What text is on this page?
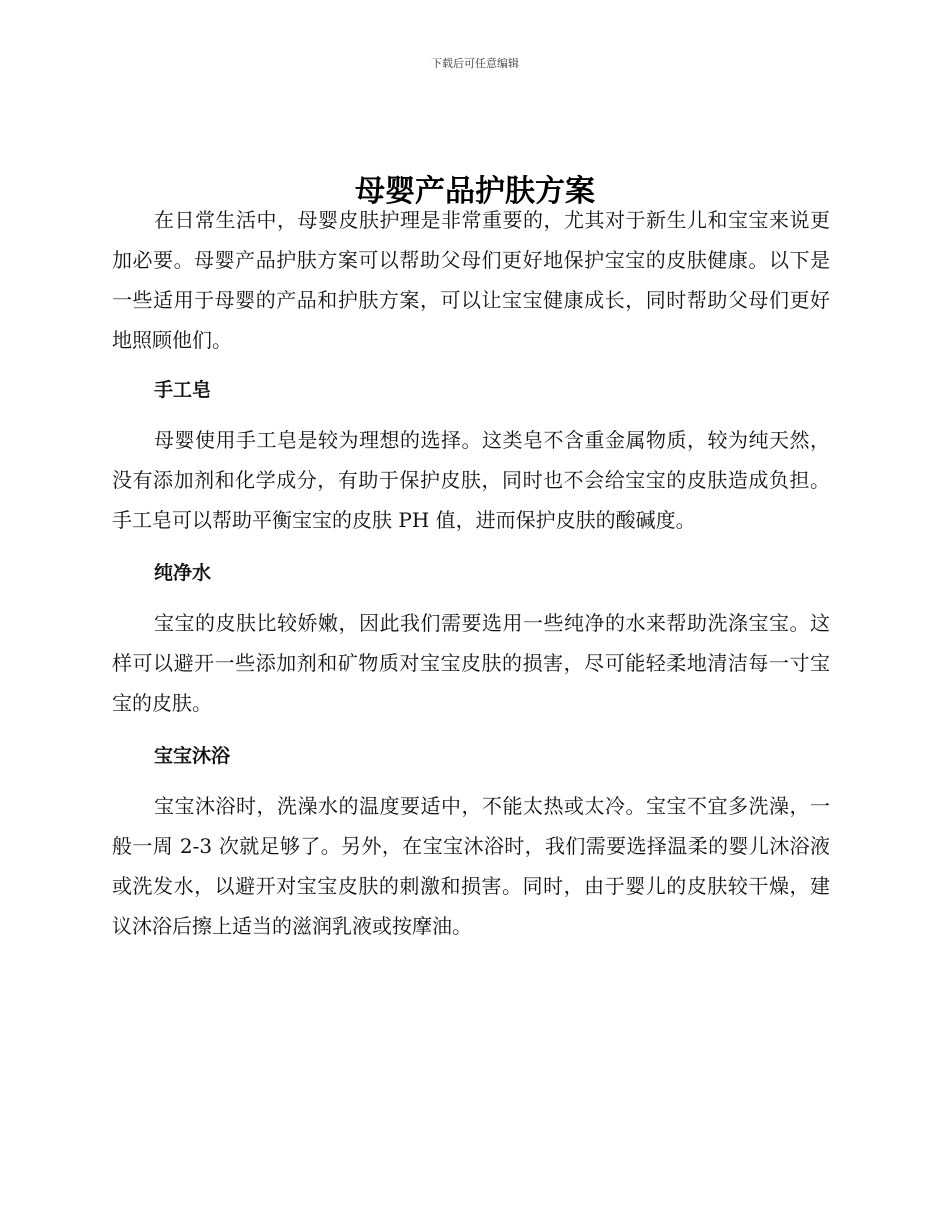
下载后可任意编辑
母婴产品护肤方案

在日常生活中，母婴皮肤护理是非常重要的，尤其对于新生儿和宝宝来说更加必要。母婴产品护肤方案可以帮助父母们更好地保护宝宝的皮肤健康。以下是一些适用于母婴的产品和护肤方案，可以让宝宝健康成长，同时帮助父母们更好地照顾他们。

手工皂

母婴使用手工皂是较为理想的选择。这类皂不含重金属物质，较为纯天然，没有添加剂和化学成分，有助于保护皮肤，同时也不会给宝宝的皮肤造成负担。手工皂可以帮助平衡宝宝的皮肤 PH 值，进而保护皮肤的酸碱度。

纯净水

宝宝的皮肤比较娇嫩，因此我们需要选用一些纯净的水来帮助洗涤宝宝。这样可以避开一些添加剂和矿物质对宝宝皮肤的损害，尽可能轻柔地清洁每一寸宝宝的皮肤。

宝宝沐浴

宝宝沐浴时，洗澡水的温度要适中，不能太热或太冷。宝宝不宜多洗澡，一般一周 2-3 次就足够了。另外，在宝宝沐浴时，我们需要选择温柔的婴儿沐浴液或洗发水，以避开对宝宝皮肤的刺激和损害。同时，由于婴儿的皮肤较干燥，建议沐浴后擦上适当的滋润乳液或按摩油。
